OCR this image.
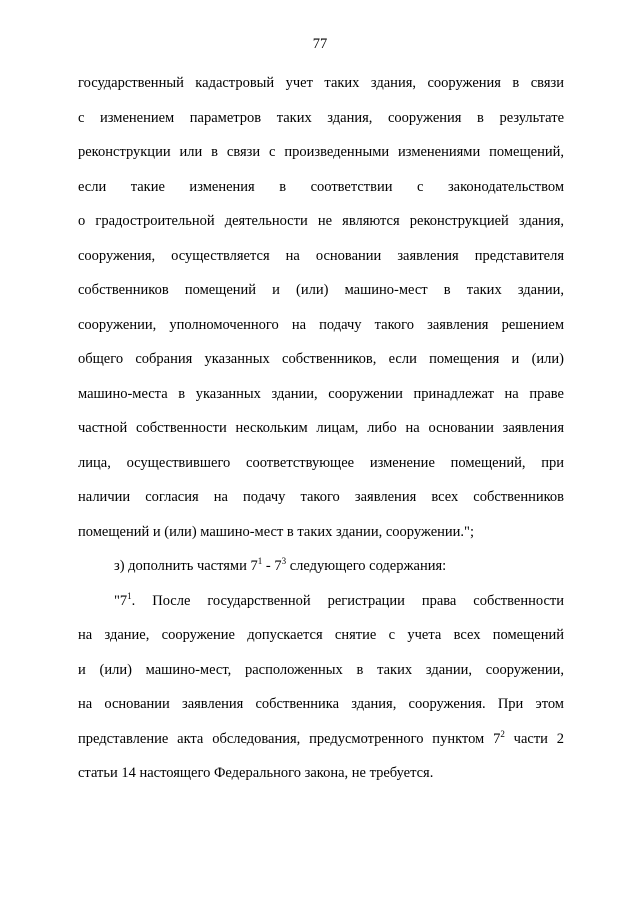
77
государственный кадастровый учет таких здания, сооружения в связи
с изменением параметров таких здания, сооружения в результате
реконструкции или в связи с произведенными изменениями помещений,
если такие изменения в соответствии с законодательством
о градостроительной деятельности не являются реконструкцией здания,
сооружения, осуществляется на основании заявления представителя
собственников помещений и (или) машино-мест в таких здании,
сооружении, уполномоченного на подачу такого заявления решением
общего собрания указанных собственников, если помещения и (или)
машино-места в указанных здании, сооружении принадлежат на праве
частной собственности нескольким лицам, либо на основании заявления
лица, осуществившего соответствующее изменение помещений, при
наличии согласия на подачу такого заявления всех собственников
помещений и (или) машино-мест в таких здании, сооружении.";
з) дополнить частями $7^1 - 7^3$ следующего содержания:
"$7^1$. После государственной регистрации права собственности
на здание, сооружение допускается снятие с учета всех помещений
и (или) машино-мест, расположенных в таких здании, сооружении,
на основании заявления собственника здания, сооружения. При этом
представление акта обследования, предусмотренного пунктом $7^2$ части 2
статьи 14 настоящего Федерального закона, не требуется.
